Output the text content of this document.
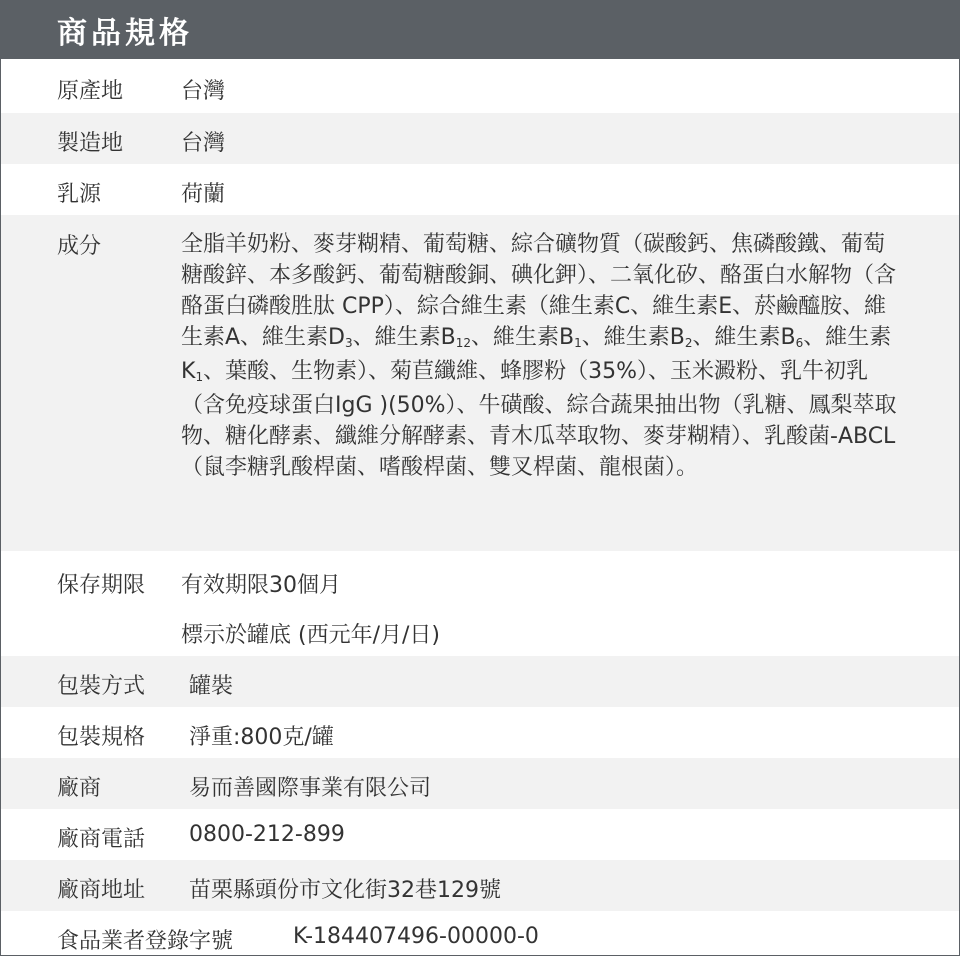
商品規格
原產地	台灣
製造地	台灣
乳源	荷蘭
成分	全脂羊奶粉、麥芽糊精、葡萄糖、綜合礦物質（碳酸鈣、焦磷酸鐵、葡萄糖酸鋅、本多酸鈣、葡萄糖酸銅、碘化鉀）、二氧化矽、酪蛋白水解物（含酪蛋白磷酸胜肽 CPP）、綜合維生素（維生素C、維生素E、菸鹼醯胺、維生素A、維生素D3、維生素B12、維生素B1、維生素B2、維生素B6、維生素K1、葉酸、生物素）、菊苣纖維、蜂膠粉（35%）、玉米澱粉、乳牛初乳（含免疫球蛋白IgG )(50%）、牛磺酸、綜合蔬果抽出物（乳糖、鳳梨萃取物、糖化酵素、纖維分解酵素、青木瓜萃取物、麥芽糊精）、乳酸菌-ABCL（鼠李糖乳酸桿菌、嗜酸桿菌、雙叉桿菌、龍根菌）。
保存期限 有效期限30個月
標示於罐底 (西元年/月/日)
包裝方式 罐裝
包裝規格 淨重:800克/罐
廠商	易而善國際事業有限公司
廠商電話 0800-212-899
廠商地址 苗栗縣頭份市文化街32巷129號
食品業者登錄字號	K-184407496-00000-0
